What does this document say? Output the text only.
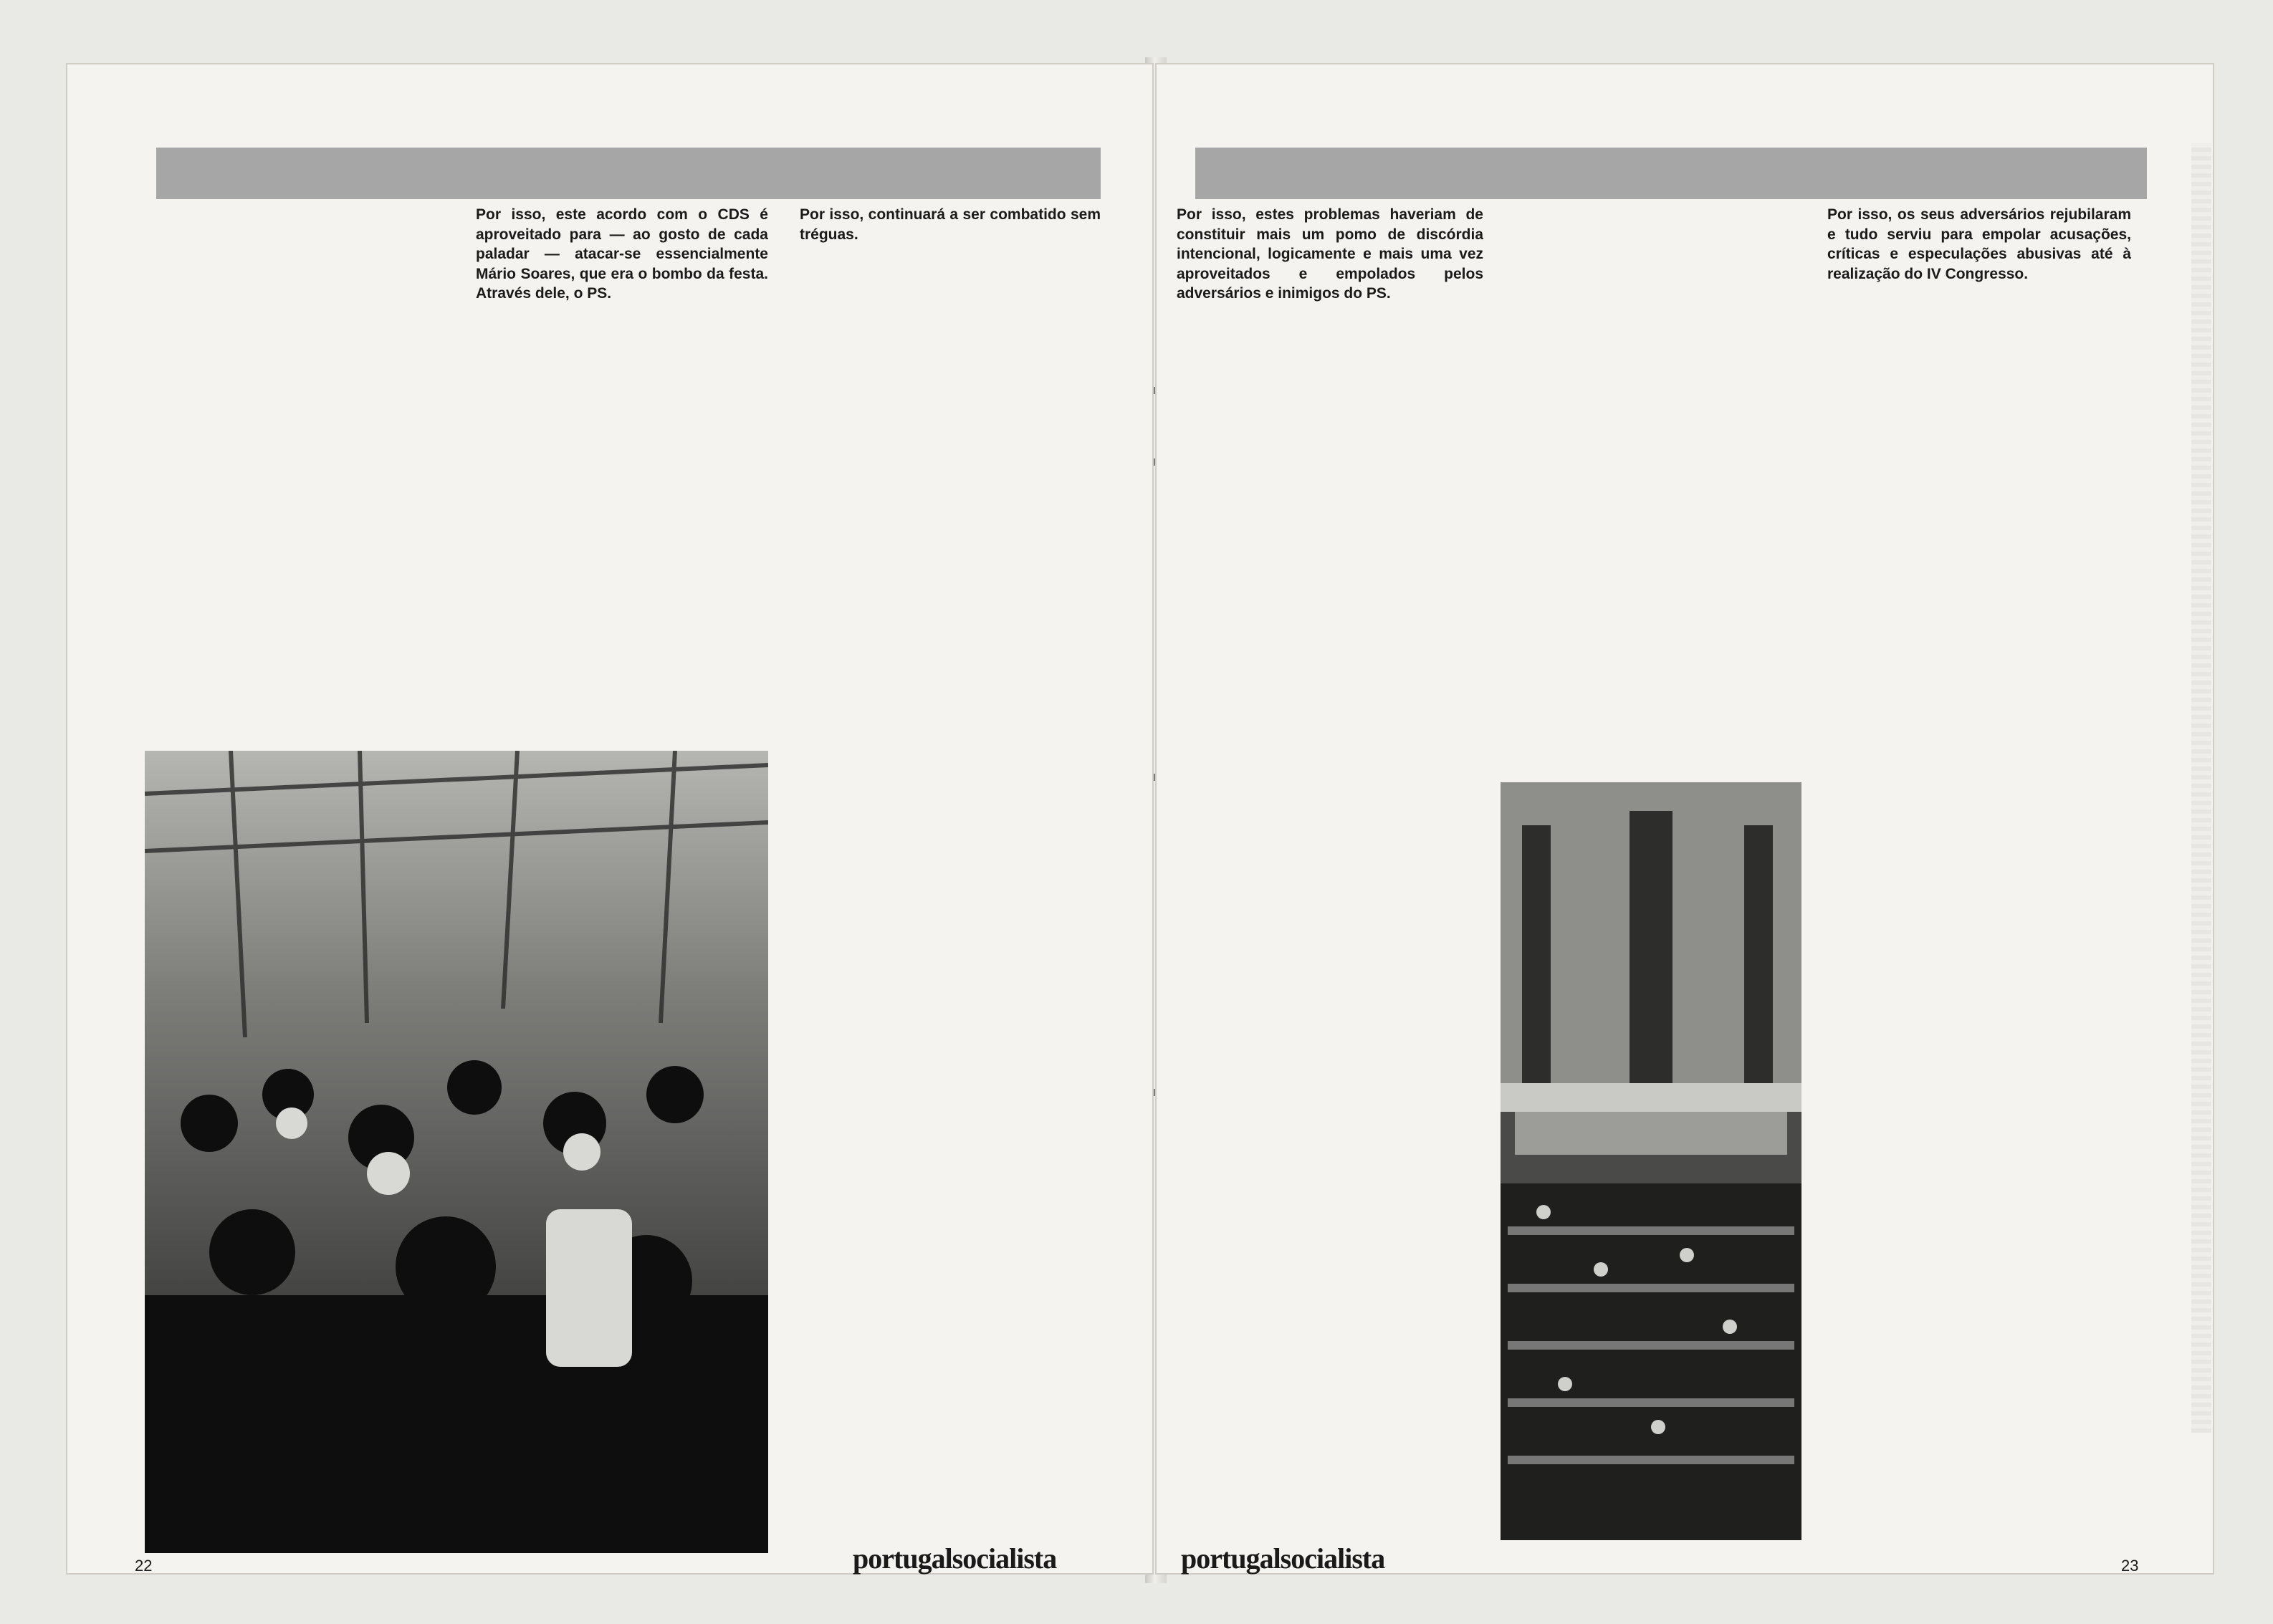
Por isso, este acordo com o CDS é aproveitado para — ao gosto de cada paladar — atacar-se essencialmente Mário Soares, que era o bombo da festa. Através dele, o PS.

Por isso, continuará a ser combatido sem tréguas.

22	portugalsocialista

Por isso, estes problemas haveriam de constituir mais um pomo de discórdia intencional, logicamente e mais uma vez aproveitados e empolados pelos adversários e inimigos do PS.

Por isso, os seus adversários rejubilaram e tudo serviu para empolar acusações, críticas e especulações abusivas até à realização do IV Congresso.

portugalsocialista	23
